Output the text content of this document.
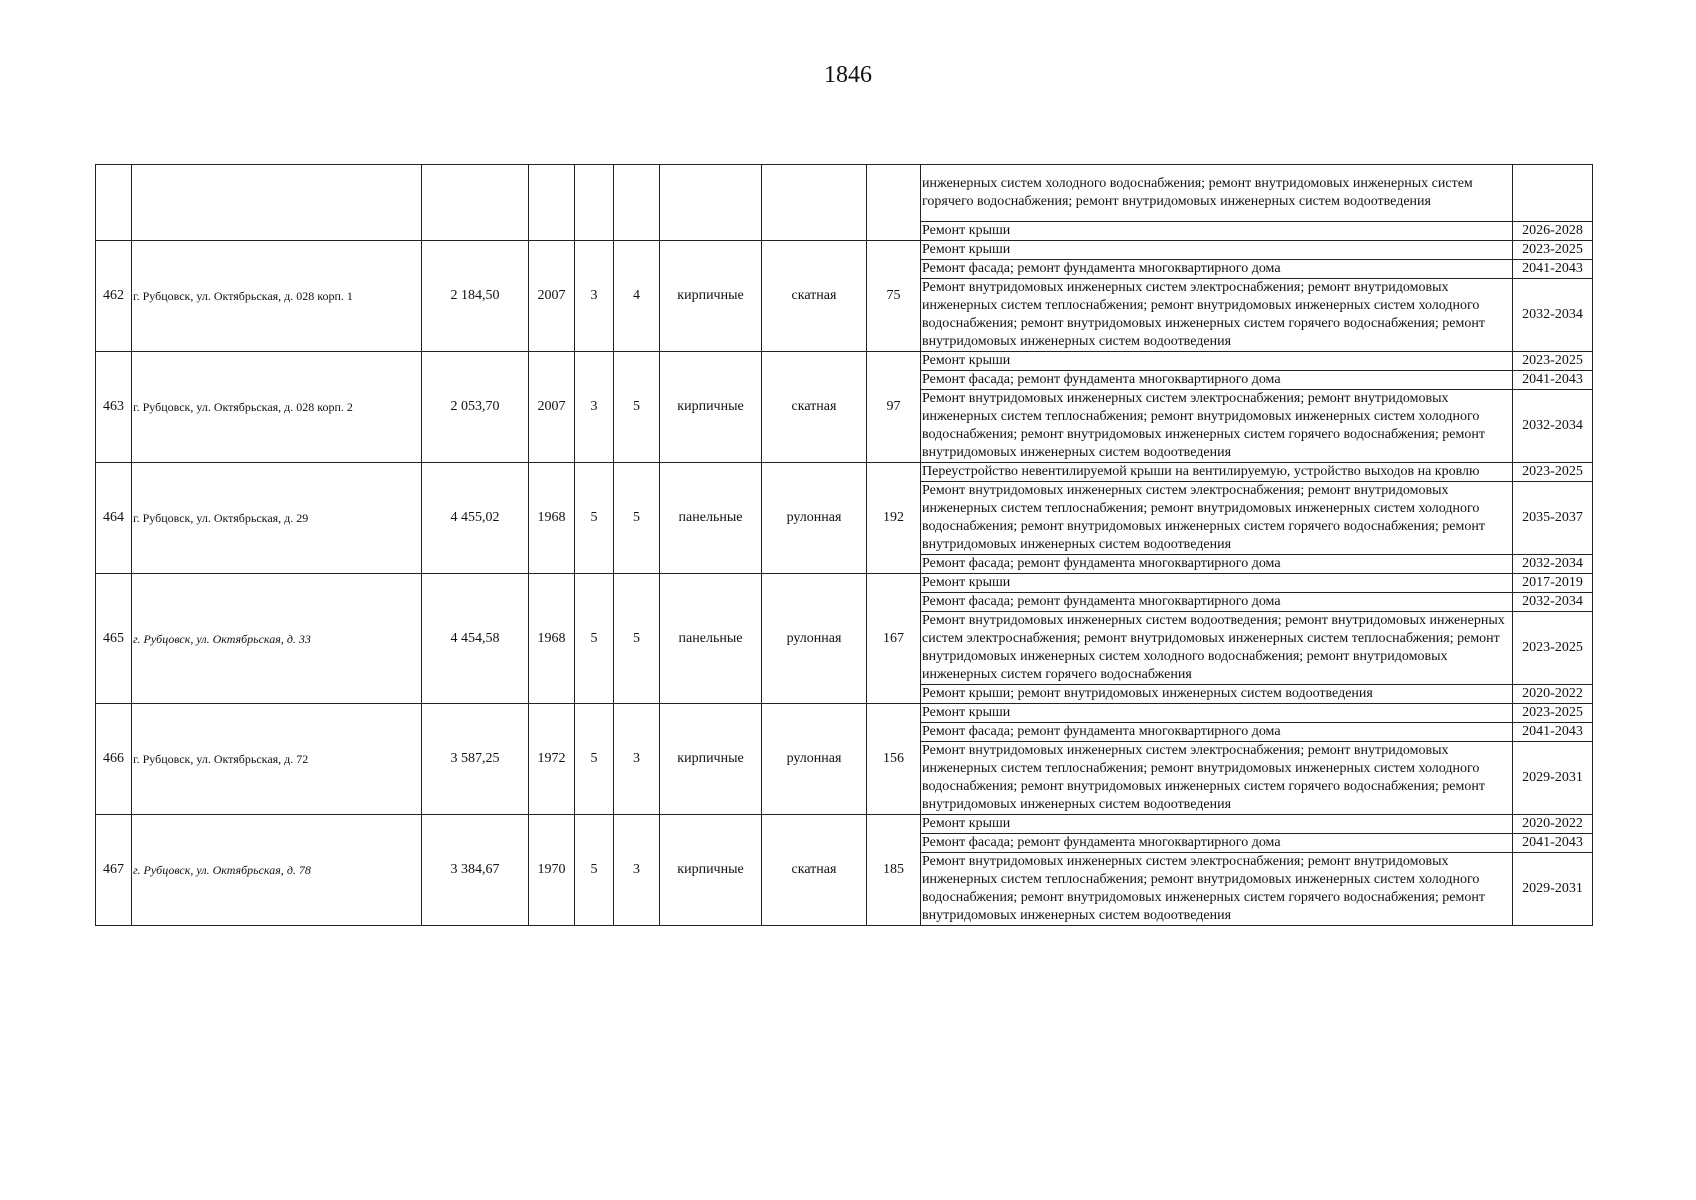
1846
									инженерных систем холодного водоснабжения; ремонт внутридомовых инженерных систем горячего водоснабжения; ремонт внутридомовых инженерных систем водоотведения	
									Ремонт крыши	2026-2028
462	г. Рубцовск, ул. Октябрьская, д. 028 корп. 1	2 184,50	2007	3	4	кирпичные	скатная	75	Ремонт крыши	2023-2025
									Ремонт фасада; ремонт фундамента многоквартирного дома	2041-2043
									Ремонт внутридомовых инженерных систем электроснабжения; ремонт внутридомовых инженерных систем теплоснабжения; ремонт внутридомовых инженерных систем холодного водоснабжения; ремонт внутридомовых инженерных систем горячего водоснабжения; ремонт внутридомовых инженерных систем водоотведения	2032-2034
463	г. Рубцовск, ул. Октябрьская, д. 028 корп. 2	2 053,70	2007	3	5	кирпичные	скатная	97	Ремонт крыши	2023-2025
									Ремонт фасада; ремонт фундамента многоквартирного дома	2041-2043
									Ремонт внутридомовых инженерных систем электроснабжения; ремонт внутридомовых инженерных систем теплоснабжения; ремонт внутридомовых инженерных систем холодного водоснабжения; ремонт внутридомовых инженерных систем горячего водоснабжения; ремонт внутридомовых инженерных систем водоотведения	2032-2034
464	г. Рубцовск, ул. Октябрьская, д. 29	4 455,02	1968	5	5	панельные	рулонная	192	Переустройство невентилируемой крыши на вентилируемую, устройство выходов на кровлю	2023-2025
									Ремонт внутридомовых инженерных систем электроснабжения; ремонт внутридомовых инженерных систем теплоснабжения; ремонт внутридомовых инженерных систем холодного водоснабжения; ремонт внутридомовых инженерных систем горячего водоснабжения; ремонт внутридомовых инженерных систем водоотведения	2035-2037
									Ремонт фасада; ремонт фундамента многоквартирного дома	2032-2034
465	г. Рубцовск, ул. Октябрьская, д. 33	4 454,58	1968	5	5	панельные	рулонная	167	Ремонт крыши	2017-2019
									Ремонт фасада; ремонт фундамента многоквартирного дома	2032-2034
									Ремонт внутридомовых инженерных систем водоотведения; ремонт внутридомовых инженерных систем электроснабжения; ремонт внутридомовых инженерных систем теплоснабжения; ремонт внутридомовых инженерных систем холодного водоснабжения; ремонт внутридомовых инженерных систем горячего водоснабжения	2023-2025
									Ремонт крыши; ремонт внутридомовых инженерных систем водоотведения	2020-2022
466	г. Рубцовск, ул. Октябрьская, д. 72	3 587,25	1972	5	3	кирпичные	рулонная	156	Ремонт крыши	2023-2025
									Ремонт фасада; ремонт фундамента многоквартирного дома	2041-2043
									Ремонт внутридомовых инженерных систем электроснабжения; ремонт внутридомовых инженерных систем теплоснабжения; ремонт внутридомовых инженерных систем холодного водоснабжения; ремонт внутридомовых инженерных систем горячего водоснабжения; ремонт внутридомовых инженерных систем водоотведения	2029-2031
467	г. Рубцовск, ул. Октябрьская, д. 78	3 384,67	1970	5	3	кирпичные	скатная	185	Ремонт крыши	2020-2022
									Ремонт фасада; ремонт фундамента многоквартирного дома	2041-2043
									Ремонт внутридомовых инженерных систем электроснабжения; ремонт внутридомовых инженерных систем теплоснабжения; ремонт внутридомовых инженерных систем холодного водоснабжения; ремонт внутридомовых инженерных систем горячего водоснабжения; ремонт внутридомовых инженерных систем водоотведения	2029-2031
